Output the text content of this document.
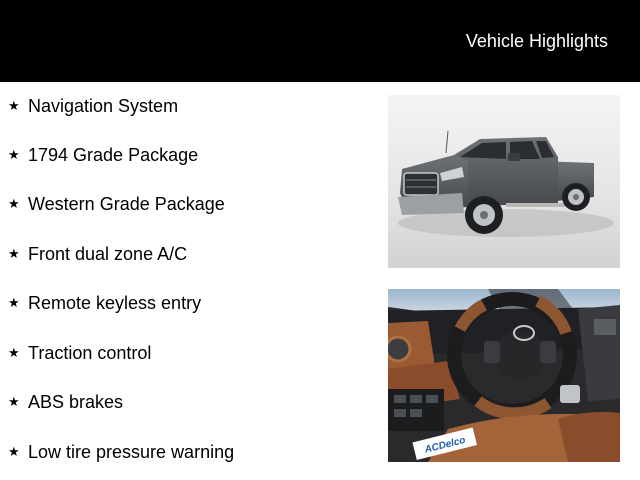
Vehicle Highlights
★ Navigation System
★ 1794 Grade Package
★ Western Grade Package
★ Front dual zone A/C
★ Remote keyless entry
★ Traction control
★ ABS brakes
★ Low tire pressure warning	ACDelco
